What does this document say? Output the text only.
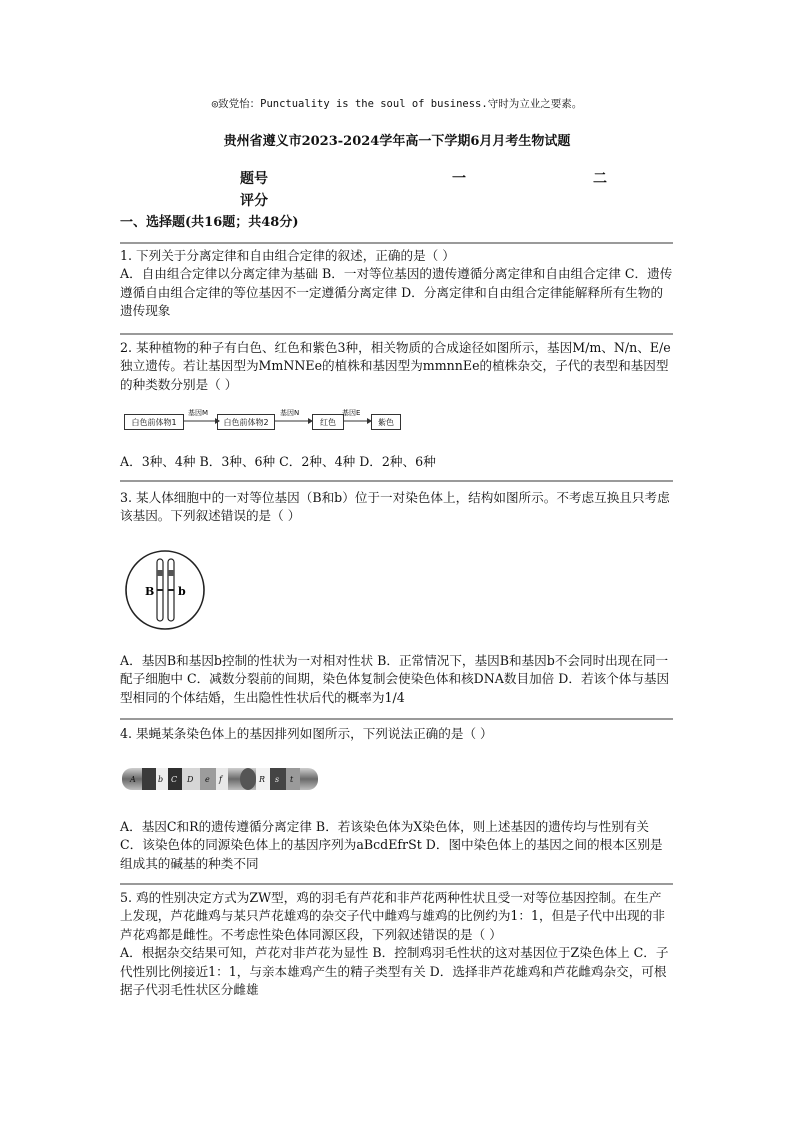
◎致党怡：Punctuality is the soul of business.守时为立业之要素。
贵州省遵义市2023-2024学年高一下学期6月月考生物试题
题号	一	二
评分
一、选择题(共16题；共48分)

1. 下列关于分离定律和自由组合定律的叙述，正确的是（ ）

A．自由组合定律以分离定律为基础 B．一对等位基因的遗传遵循分离定律和自由组合定律 C．遗传遵循自由组合定律的等位基因不一定遵循分离定律 D．分离定律和自由组合定律能解释所有生物的遗传现象

2. 某种植物的种子有白色、红色和紫色3种，相关物质的合成途径如图所示，基因M/m、N/n、E/e独立遗传。若让基因型为MmNNEe的植株和基因型为mmnnEe的植株杂交，子代的表型和基因型的种类数分别是（ ）

白色前体物1	白色前体物2	红色	紫色
基因M	基因N	基因E

A．3种、4种 B．3种、6种 C．2种、4种 D．2种、6种

3. 某人体细胞中的一对等位基因（B和b）位于一对染色体上，结构如图所示。不考虑互换且只考虑该基因。下列叙述错误的是（ ）

B b

A．基因B和基因b控制的性状为一对相对性状 B．正常情况下，基因B和基因b不会同时出现在同一配子细胞中 C．减数分裂前的间期，染色体复制会使染色体和核DNA数目加倍 D．若该个体与基因型相同的个体结婚，生出隐性性状后代的概率为1/4

4. 果蝇某条染色体上的基因排列如图所示，下列说法正确的是（ ）

A	b C D e f	R s t

A．基因C和R的遗传遵循分离定律 B．若该染色体为X染色体，则上述基因的遗传均与性别有关 C．该染色体的同源染色体上的基因序列为aBcdEfrSt D．图中染色体上的基因之间的根本区别是组成其的碱基的种类不同

5. 鸡的性别决定方式为ZW型，鸡的羽毛有芦花和非芦花两种性状且受一对等位基因控制。在生产上发现，芦花雌鸡与某只芦花雄鸡的杂交子代中雌鸡与雄鸡的比例约为1：1，但是子代中出现的非芦花鸡都是雌性。不考虑性染色体同源区段，下列叙述错误的是（ ）

A．根据杂交结果可知，芦花对非芦花为显性 B．控制鸡羽毛性状的这对基因位于Z染色体上 C．子代性别比例接近1：1，与亲本雄鸡产生的精子类型有关 D．选择非芦花雄鸡和芦花雌鸡杂交，可根据子代羽毛性状区分雌雄
